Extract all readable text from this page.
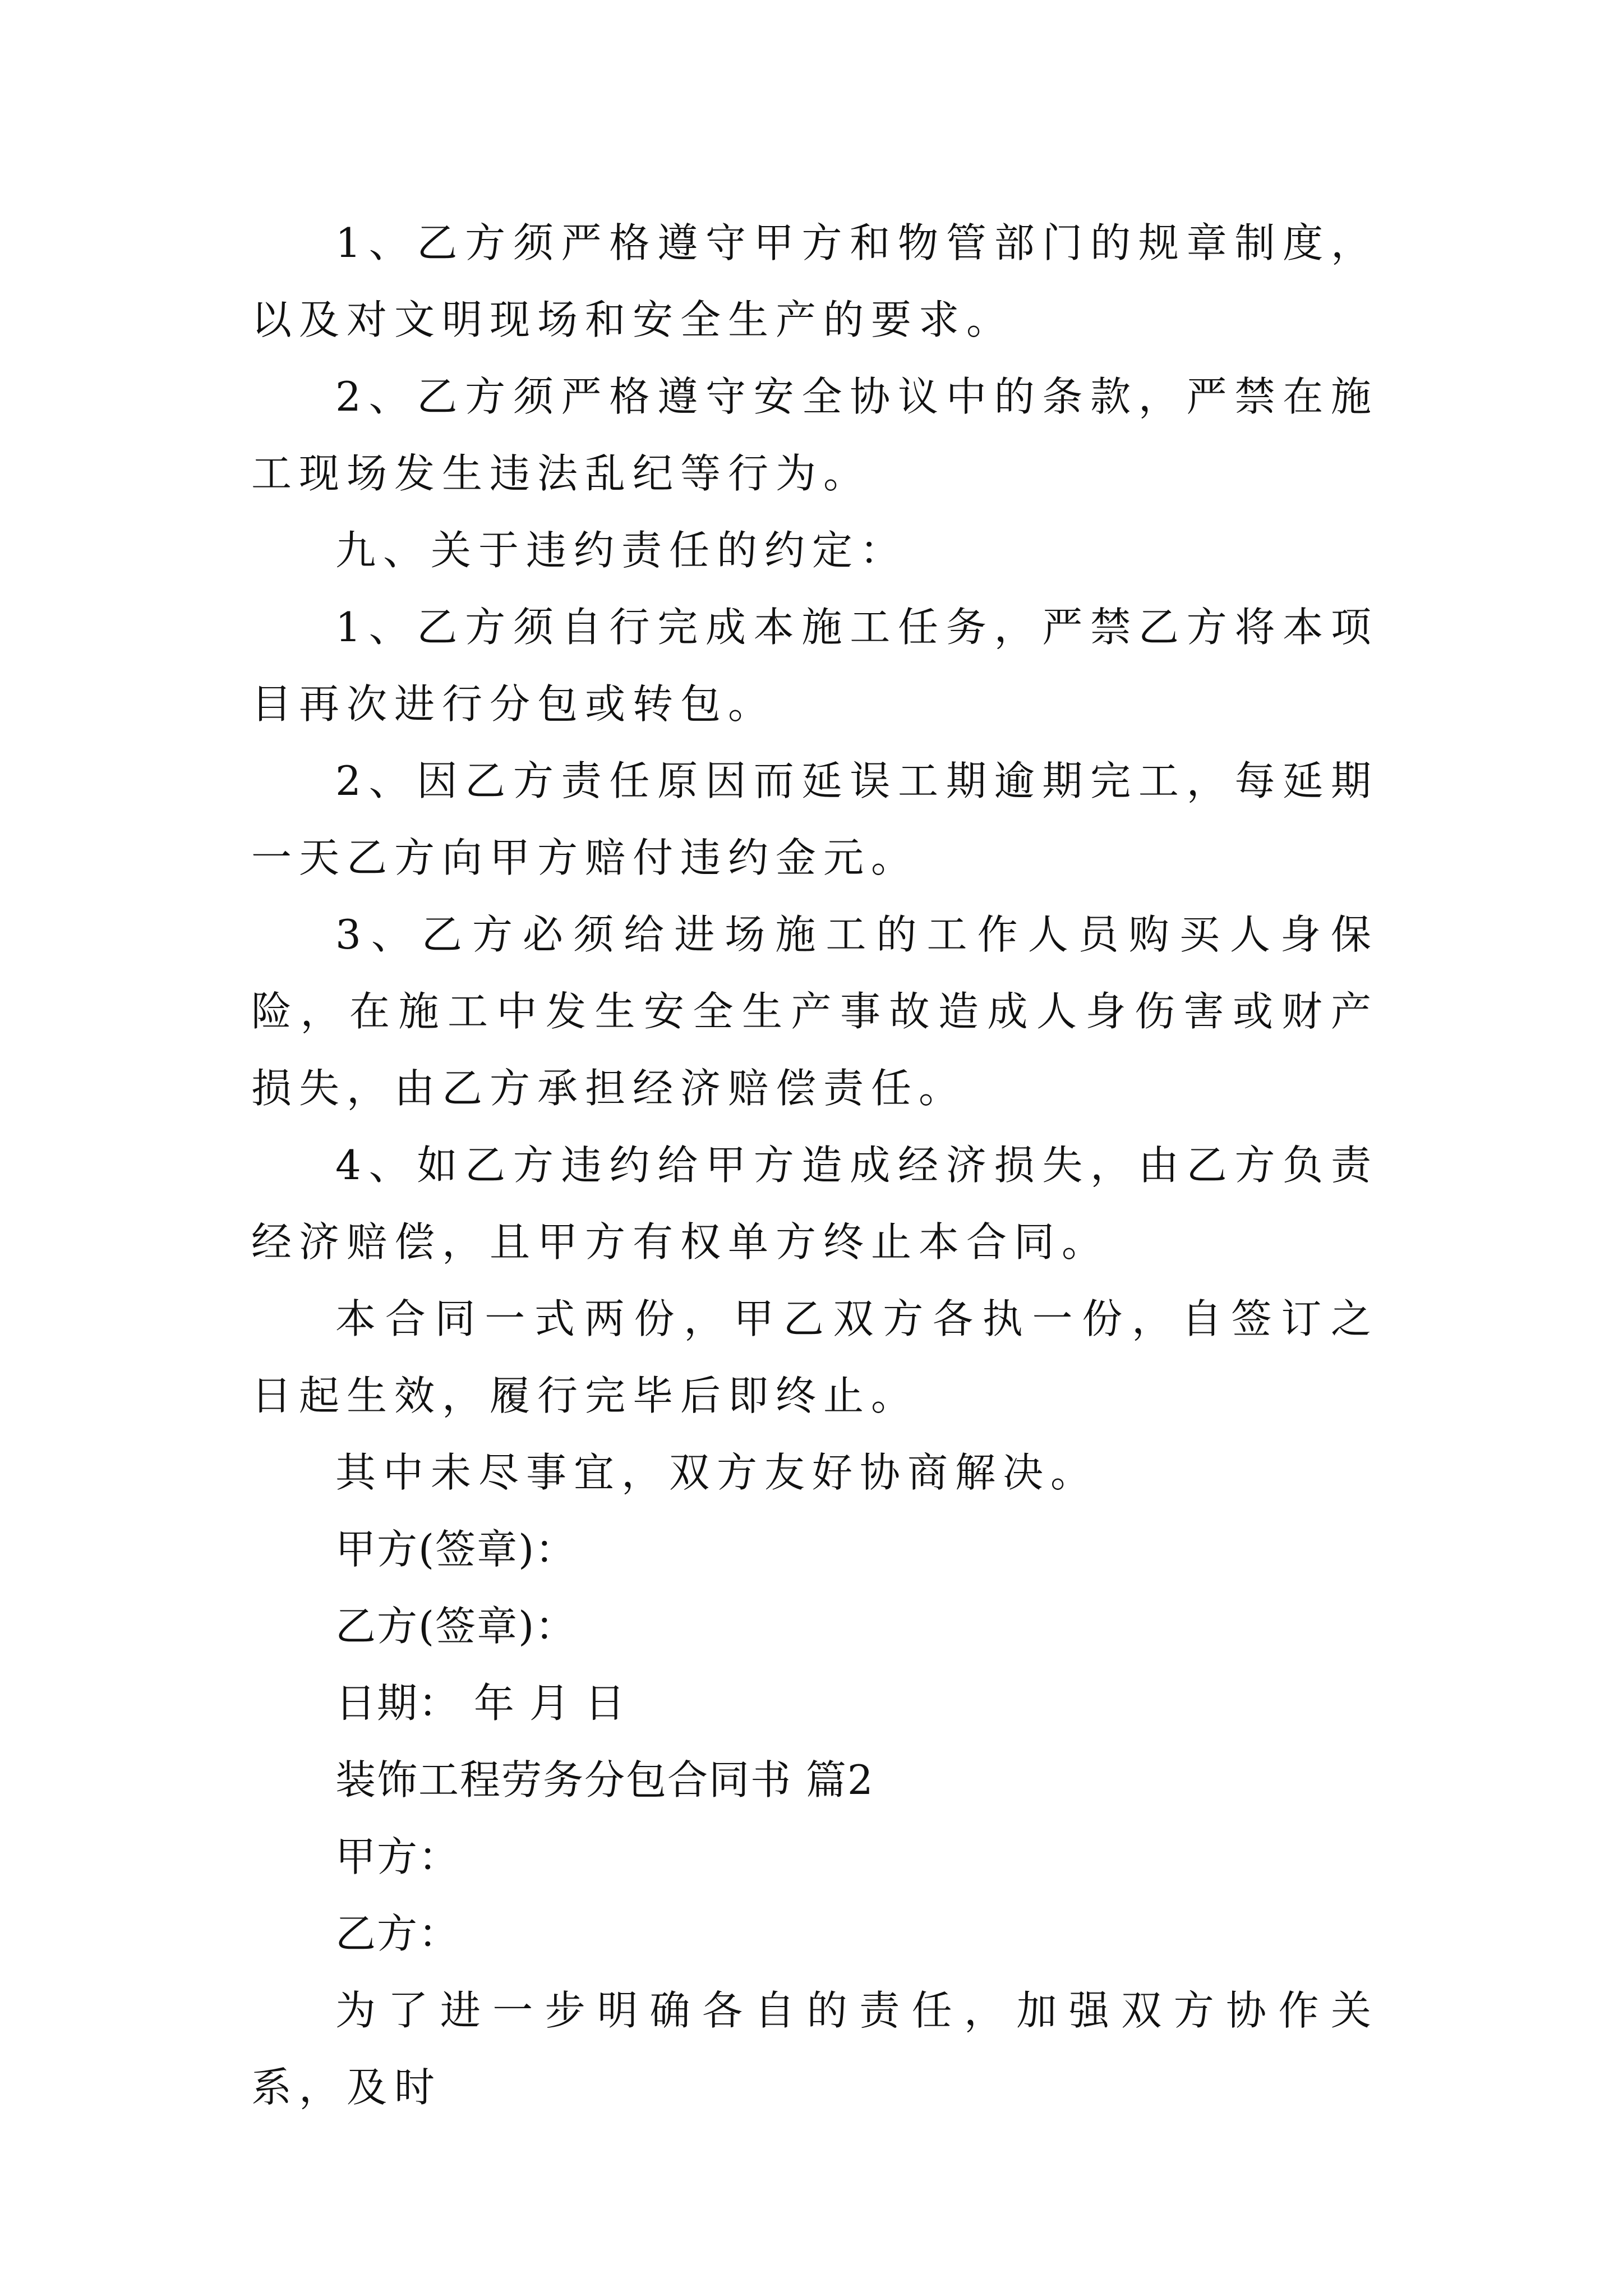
1、乙方须严格遵守甲方和物管部门的规章制度，以及对文明现场和安全生产的要求。

2、乙方须严格遵守安全协议中的条款，严禁在施工现场发生违法乱纪等行为。

九、关于违约责任的约定：

1、乙方须自行完成本施工任务，严禁乙方将本项目再次进行分包或转包。

2、因乙方责任原因而延误工期逾期完工，每延期一天乙方向甲方赔付违约金元。

3、乙方必须给进场施工的工作人员购买人身保险，在施工中发生安全生产事故造成人身伤害或财产损失，由乙方承担经济赔偿责任。

4、如乙方违约给甲方造成经济损失，由乙方负责经济赔偿，且甲方有权单方终止本合同。

本合同一式两份，甲乙双方各执一份，自签订之日起生效，履行完毕后即终止。

其中未尽事宜，双方友好协商解决。

甲方(签章)：

乙方(签章)：

日期： 年 月 日

装饰工程劳务分包合同书 篇2

甲方：

乙方：

为了进一步明确各自的责任，加强双方协作关系，及时
